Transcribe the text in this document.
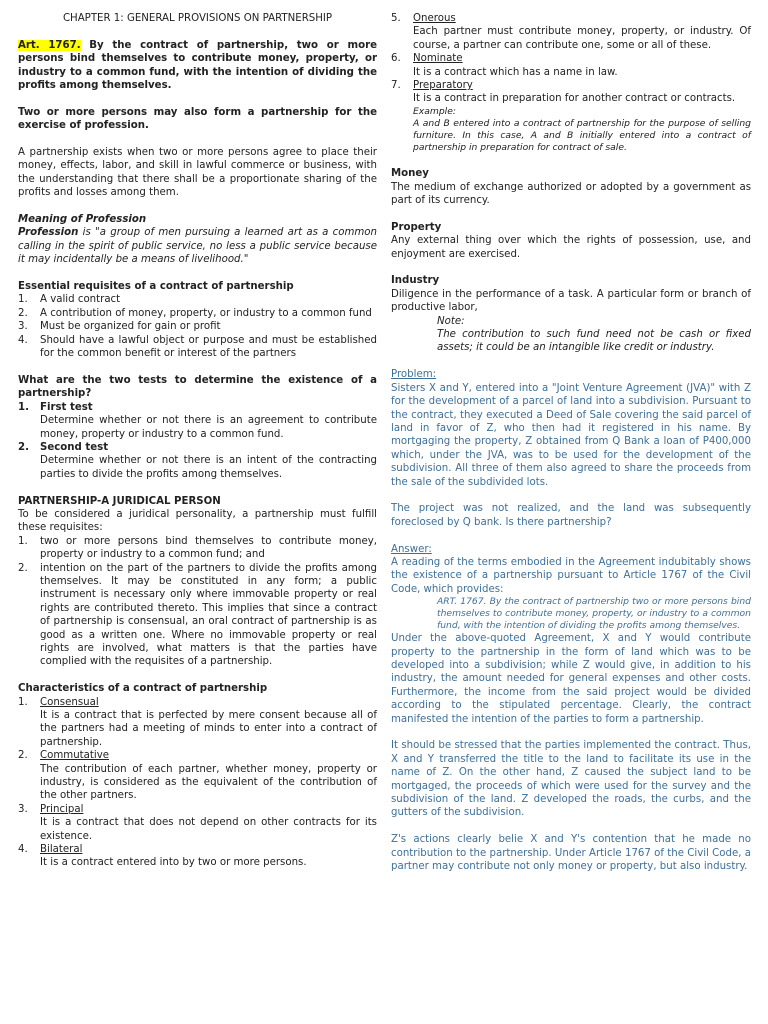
CHAPTER 1: GENERAL PROVISIONS ON PARTNERSHIP

Art. 1767. By the contract of partnership, two or more persons bind themselves to contribute money, property, or industry to a common fund, with the intention of dividing the profits among themselves.

Two or more persons may also form a partnership for the exercise of profession.

A partnership exists when two or more persons agree to place their money, effects, labor, and skill in lawful commerce or business, with the understanding that there shall be a proportionate sharing of the profits and losses among them.

Meaning of Profession

Profession is "a group of men pursuing a learned art as a common calling in the spirit of public service, no less a public service because it may incidentally be a means of livelihood."

Essential requisites of a contract of partnership

1. A valid contract
2. A contribution of money, property, or industry to a common fund
3. Must be organized for gain or profit
4. Should have a lawful object or purpose and must be established for the common benefit or interest of the partners

What are the two tests to determine the existence of a partnership?

1. First test

Determine whether or not there is an agreement to contribute money, property or industry to a common fund.

2. Second test

Determine whether or not there is an intent of the contracting parties to divide the profits among themselves.

PARTNERSHIP-A JURIDICAL PERSON

To be considered a juridical personality, a partnership must fulfill these requisites:

1. two or more persons bind themselves to contribute money, property or industry to a common fund; and
2. intention on the part of the partners to divide the profits among themselves. It may be constituted in any form; a public instrument is necessary only where immovable property or real rights are contributed thereto. This implies that since a contract of partnership is consensual, an oral contract of partnership is as good as a written one. Where no immovable property or real rights are involved, what matters is that the parties have complied with the requisites of a partnership.

Characteristics of a contract of partnership

1. Consensual

It is a contract that is perfected by mere consent because all of the partners had a meeting of minds to enter into a contract of partnership.

2. Commutative

The contribution of each partner, whether money, property or industry, is considered as the equivalent of the contribution of the other partners.

3. Principal

It is a contract that does not depend on other contracts for its existence.

4. Bilateral

It is a contract entered into by two or more persons.

5. Onerous

Each partner must contribute money, property, or industry. Of course, a partner can contribute one, some or all of these.

6. Nominate

It is a contract which has a name in law.

7. Preparatory

It is a contract in preparation for another contract or contracts.

Example:

A and B entered into a contract of partnership for the purpose of selling furniture. In this case, A and B initially entered into a contract of partnership in preparation for contract of sale.

Money

The medium of exchange authorized or adopted by a government as part of its currency.

Property

Any external thing over which the rights of possession, use, and enjoyment are exercised.

Industry

Diligence in the performance of a task. A particular form or branch of productive labor,

Note:

The contribution to such fund need not be cash or fixed assets; it could be an intangible like credit or industry.

Problem:

Sisters X and Y, entered into a "Joint Venture Agreement (JVA)" with Z for the development of a parcel of land into a subdivision. Pursuant to the contract, they executed a Deed of Sale covering the said parcel of land in favor of Z, who then had it registered in his name. By mortgaging the property, Z obtained from Q Bank a loan of P400,000 which, under the JVA, was to be used for the development of the subdivision. All three of them also agreed to share the proceeds from the sale of the subdivided lots.

The project was not realized, and the land was subsequently foreclosed by Q bank. Is there partnership?

Answer:

A reading of the terms embodied in the Agreement indubitably shows the existence of a partnership pursuant to Article 1767 of the Civil Code, which provides:

ART. 1767. By the contract of partnership two or more persons bind themselves to contribute money, property, or industry to a common fund, with the intention of dividing the profits among themselves.

Under the above-quoted Agreement, X and Y would contribute property to the partnership in the form of land which was to be developed into a subdivision; while Z would give, in addition to his industry, the amount needed for general expenses and other costs. Furthermore, the income from the said project would be divided according to the stipulated percentage. Clearly, the contract manifested the intention of the parties to form a partnership.

It should be stressed that the parties implemented the contract. Thus, X and Y transferred the title to the land to facilitate its use in the name of Z. On the other hand, Z caused the subject land to be mortgaged, the proceeds of which were used for the survey and the subdivision of the land. Z developed the roads, the curbs, and the gutters of the subdivision.

Z's actions clearly belie X and Y's contention that he made no contribution to the partnership. Under Article 1767 of the Civil Code, a partner may contribute not only money or property, but also industry.
